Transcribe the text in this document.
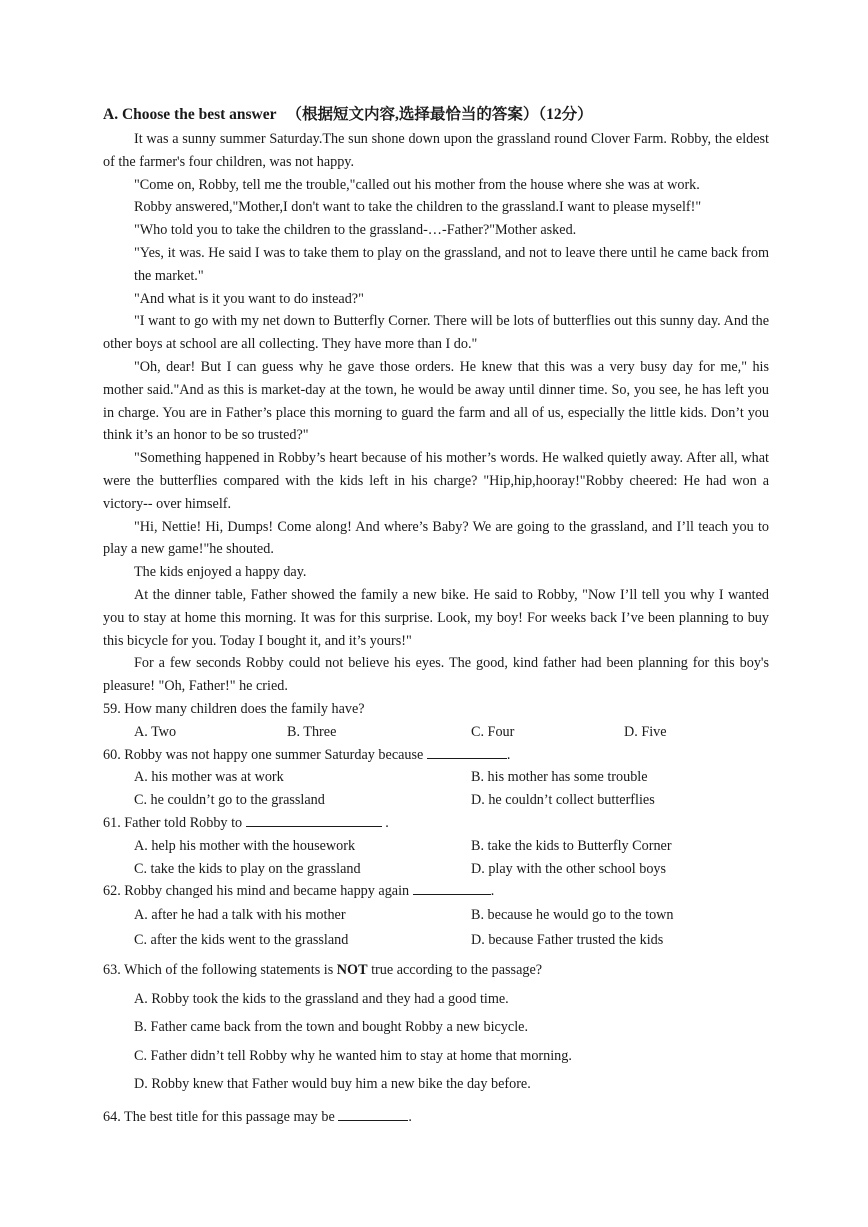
A. Choose the best answer （根据短文内容,选择最恰当的答案）（12分）

It was a sunny summer Saturday.The sun shone down upon the grassland round Clover Farm. Robby, the eldest of the farmer's four children, was not happy.

"Come on, Robby, tell me the trouble,"called out his mother from the house where she was at work.

Robby answered,"Mother,I don't want to take the children to the grassland.I want to please myself!"

"Who told you to take the children to the grassland-…-Father?"Mother asked.

"Yes, it was. He said I was to take them to play on the grassland, and not to leave there until he came back from the market."

"And what is it you want to do instead?"

"I want to go with my net down to Butterfly Corner. There will be lots of butterflies out this sunny day. And the other boys at school are all collecting. They have more than I do."

"Oh, dear! But I can guess why he gave those orders. He knew that this was a very busy day for me," his mother said."And as this is market-day at the town, he would be away until dinner time. So, you see, he has left you in charge. You are in Father’s place this morning to guard the farm and all of us, especially the little kids. Don’t you think it’s an honor to be so trusted?"

"Something happened in Robby’s heart because of his mother’s words. He walked quietly away. After all, what were the butterflies compared with the kids left in his charge? "Hip,hip,hooray!"Robby cheered: He had won a victory-- over himself.

"Hi, Nettie! Hi, Dumps! Come along! And where’s Baby? We are going to the grassland, and I’ll teach you to play a new game!"he shouted.

The kids enjoyed a happy day.

At the dinner table, Father showed the family a new bike. He said to Robby, "Now I’ll tell you why I wanted you to stay at home this morning. It was for this surprise. Look, my boy! For weeks back I’ve been planning to buy this bicycle for you. Today I bought it, and it’s yours!"

For a few seconds Robby could not believe his eyes. The good, kind father had been planning for this boy's pleasure! "Oh, Father!" he cried.

59. How many children does the family have?

A. Two	B. Three	C. Four	D. Five

60. Robby was not happy one summer Saturday because	.

A. his mother was at work	B. his mother has some trouble
C. he couldn’t go to the grassland	D. he couldn’t collect butterflies

61. Father told Robby to	.

A. help his mother with the housework	B. take the kids to Butterfly Corner
C. take the kids to play on the grassland	D. play with the other school boys

62. Robby changed his mind and became happy again	.

A. after he had a talk with his mother	B. because he would go to the town
C. after the kids went to the grassland	D. because Father trusted the kids

63. Which of the following statements is NOT true according to the passage?

A. Robby took the kids to the grassland and they had a good time.
B. Father came back from the town and bought Robby a new bicycle.
C. Father didn’t tell Robby why he wanted him to stay at home that morning.
D. Robby knew that Father would buy him a new bike the day before.

64. The best title for this passage may be	.
